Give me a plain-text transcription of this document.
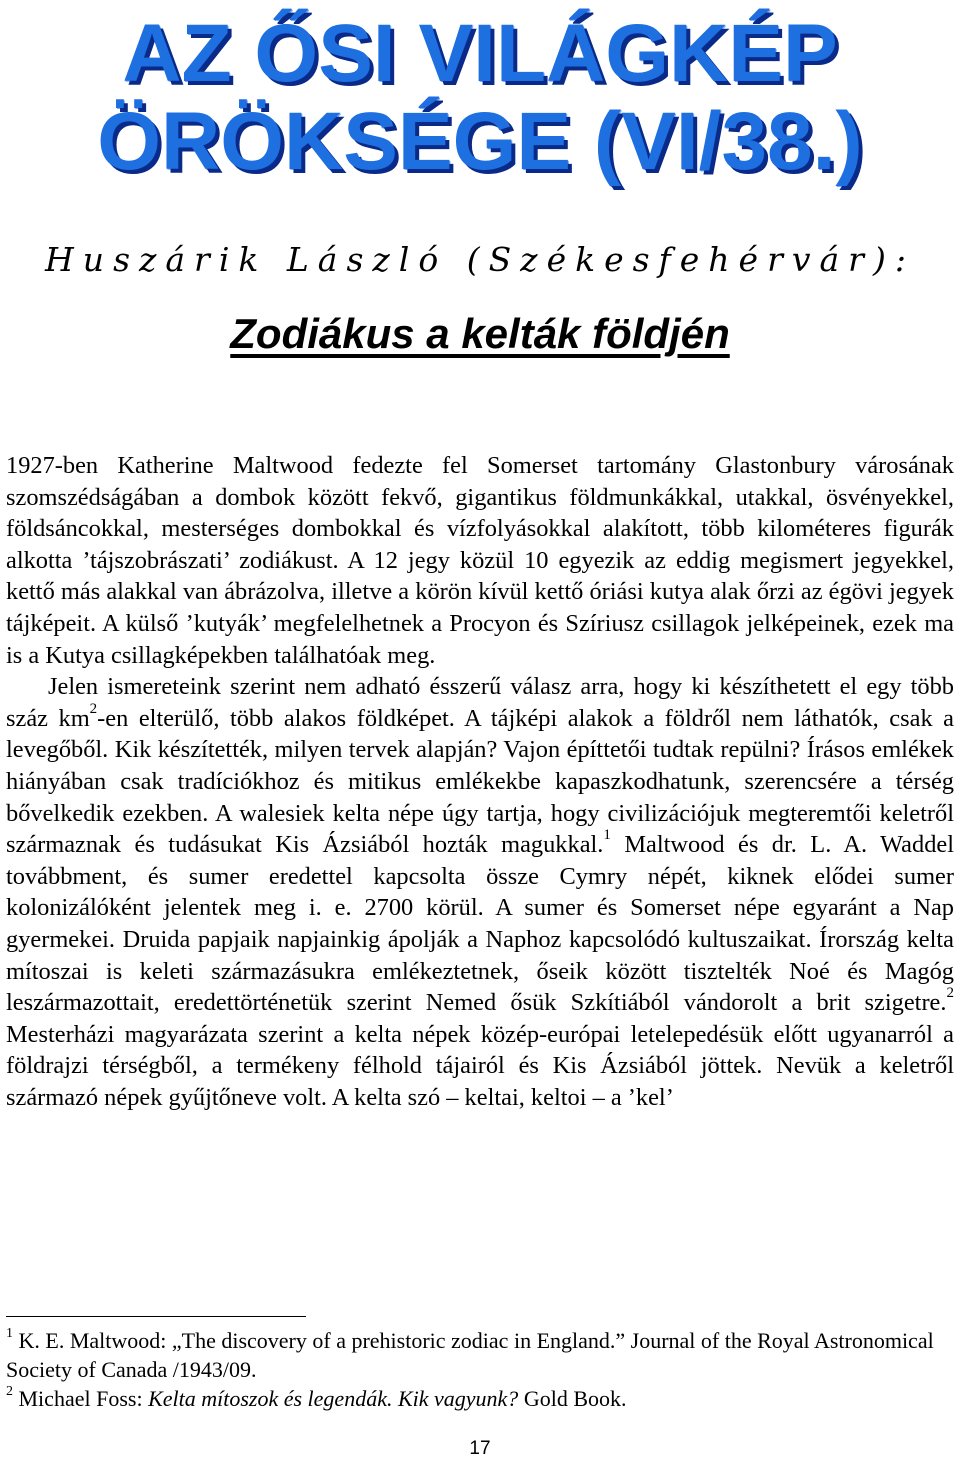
AZ ŐSI VILÁGKÉP
ÖRÖKSÉGE (VI/38.)
Huszárik László (Székesfehérvár):
Zodiákus a kelták földjén

1927-ben Katherine Maltwood fedezte fel Somerset tartomány Glastonbury városának szomszédságában a dombok között fekvő, gigantikus földmunkákkal, utakkal, ösvényekkel, földsáncokkal, mesterséges dombokkal és vízfolyásokkal alakított, több kilométeres figurák alkotta ’tájszobrászati’ zodiákust. A 12 jegy közül 10 egyezik az eddig megismert jegyekkel, kettő más alakkal van ábrázolva, illetve a körön kívül kettő óriási kutya alak őrzi az égövi jegyek tájképeit. A külső ’kutyák’ megfelelhetnek a Procyon és Szíriusz csillagok jelképeinek, ezek ma is a Kutya csillagképekben találhatóak meg.

Jelen ismereteink szerint nem adható ésszerű válasz arra, hogy ki készíthetett el egy több száz $km^2-en$ elterülő, több alakos földképet. A tájképi alakok a földről nem láthatók, csak a levegőből. Kik készítették, milyen tervek alapján? Vajon építtetői tudtak repülni? Írásos emlékek hiányában csak tradíciókhoz és mitikus emlékekbe kapaszkodhatunk, szerencsére a térség bővelkedik ezekben. A walesiek kelta népe úgy tartja, hogy civilizációjuk megteremtői keletről származnak és tudásukat Kis Ázsiából hozták magukkal.$^1$ Maltwood és dr. L. A. Waddel továbbment, és sumer eredettel kapcsolta össze Cymry népét, kiknek elődei sumer kolonizálóként jelentek meg i. e. 2700 körül. A sumer és Somerset népe egyaránt a Nap gyermekei. Druida papjaik napjainkig ápolják a Naphoz kapcsolódó kultuszaikat. Írország kelta mítoszai is keleti származásukra emlékeztetnek, őseik között tisztelték Noé és Magóg leszármazottait, eredettörténetük szerint Nemed ősük Szkítiából vándorolt a brit szigetre.$^2$ Mesterházi magyarázata szerint a kelta népek közép-európai letelepedésük előtt ugyanarról a földrajzi térségből, a termékeny félhold tájairól és Kis Ázsiából jöttek. Nevük a keletről származó népek gyűjtőneve volt. A kelta szó – keltai, keltoi – a ’kel’

$^1$ K. E. Maltwood: „The discovery of a prehistoric zodiac in England.” Journal of the Royal Astronomical Society of Canada /1943/09.

$^2$ Michael Foss: Kelta mítoszok és legendák. Kik vagyunk? Gold Book.

17
